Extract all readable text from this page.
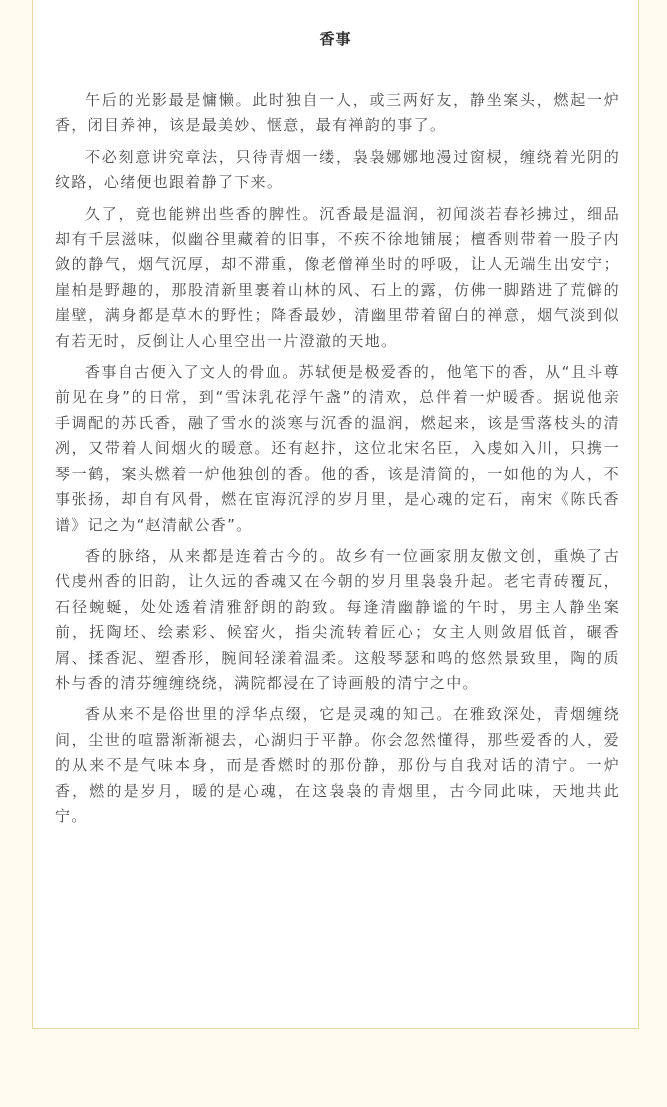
香事

午后的光影最是慵懒。此时独自一人，或三两好友，静坐案头，燃起一炉香，闭目养神，该是最美妙、惬意，最有禅韵的事了。

不必刻意讲究章法，只待青烟一缕，袅袅娜娜地漫过窗棂，缠绕着光阴的纹路，心绪便也跟着静了下来。

久了，竟也能辨出些香的脾性。沉香最是温润，初闻淡若春衫拂过，细品却有千层滋味，似幽谷里藏着的旧事，不疾不徐地铺展；檀香则带着一股子内敛的静气，烟气沉厚，却不滞重，像老僧禅坐时的呼吸，让人无端生出安宁；崖柏是野趣的，那股清新里裹着山林的风、石上的露，仿佛一脚踏进了荒僻的崖壁，满身都是草木的野性；降香最妙，清幽里带着留白的禅意，烟气淡到似有若无时，反倒让人心里空出一片澄澈的天地。

香事自古便入了文人的骨血。苏轼便是极爱香的，他笔下的香，从“且斗尊前见在身”的日常，到“雪沫乳花浮午盏”的清欢，总伴着一炉暖香。据说他亲手调配的苏氏香，融了雪水的淡寒与沉香的温润，燃起来，该是雪落枝头的清冽，又带着人间烟火的暖意。还有赵抃，这位北宋名臣，入虔如入川，只携一琴一鹤，案头燃着一炉他独创的香。他的香，该是清简的，一如他的为人，不事张扬，却自有风骨，燃在宦海沉浮的岁月里，是心魂的定石，南宋《陈氏香谱》记之为“赵清献公香”。

香的脉络，从来都是连着古今的。故乡有一位画家朋友傲文创，重焕了古代虔州香的旧韵，让久远的香魂又在今朝的岁月里袅袅升起。老宅青砖覆瓦，石径蜿蜒，处处透着清雅舒朗的韵致。每逢清幽静谧的午时，男主人静坐案前，抚陶坯、绘素彩、候窑火，指尖流转着匠心；女主人则敛眉低首，碾香屑、揉香泥、塑香形，腕间轻漾着温柔。这般琴瑟和鸣的悠然景致里，陶的质朴与香的清芬缠缠绕绕，满院都浸在了诗画般的清宁之中。

香从来不是俗世里的浮华点缀，它是灵魂的知己。在雅致深处，青烟缠绕间，尘世的喧嚣渐渐褪去，心湖归于平静。你会忽然懂得，那些爱香的人，爱的从来不是气味本身，而是香燃时的那份静，那份与自我对话的清宁。一炉香，燃的是岁月，暖的是心魂，在这袅袅的青烟里，古今同此味，天地共此宁。
